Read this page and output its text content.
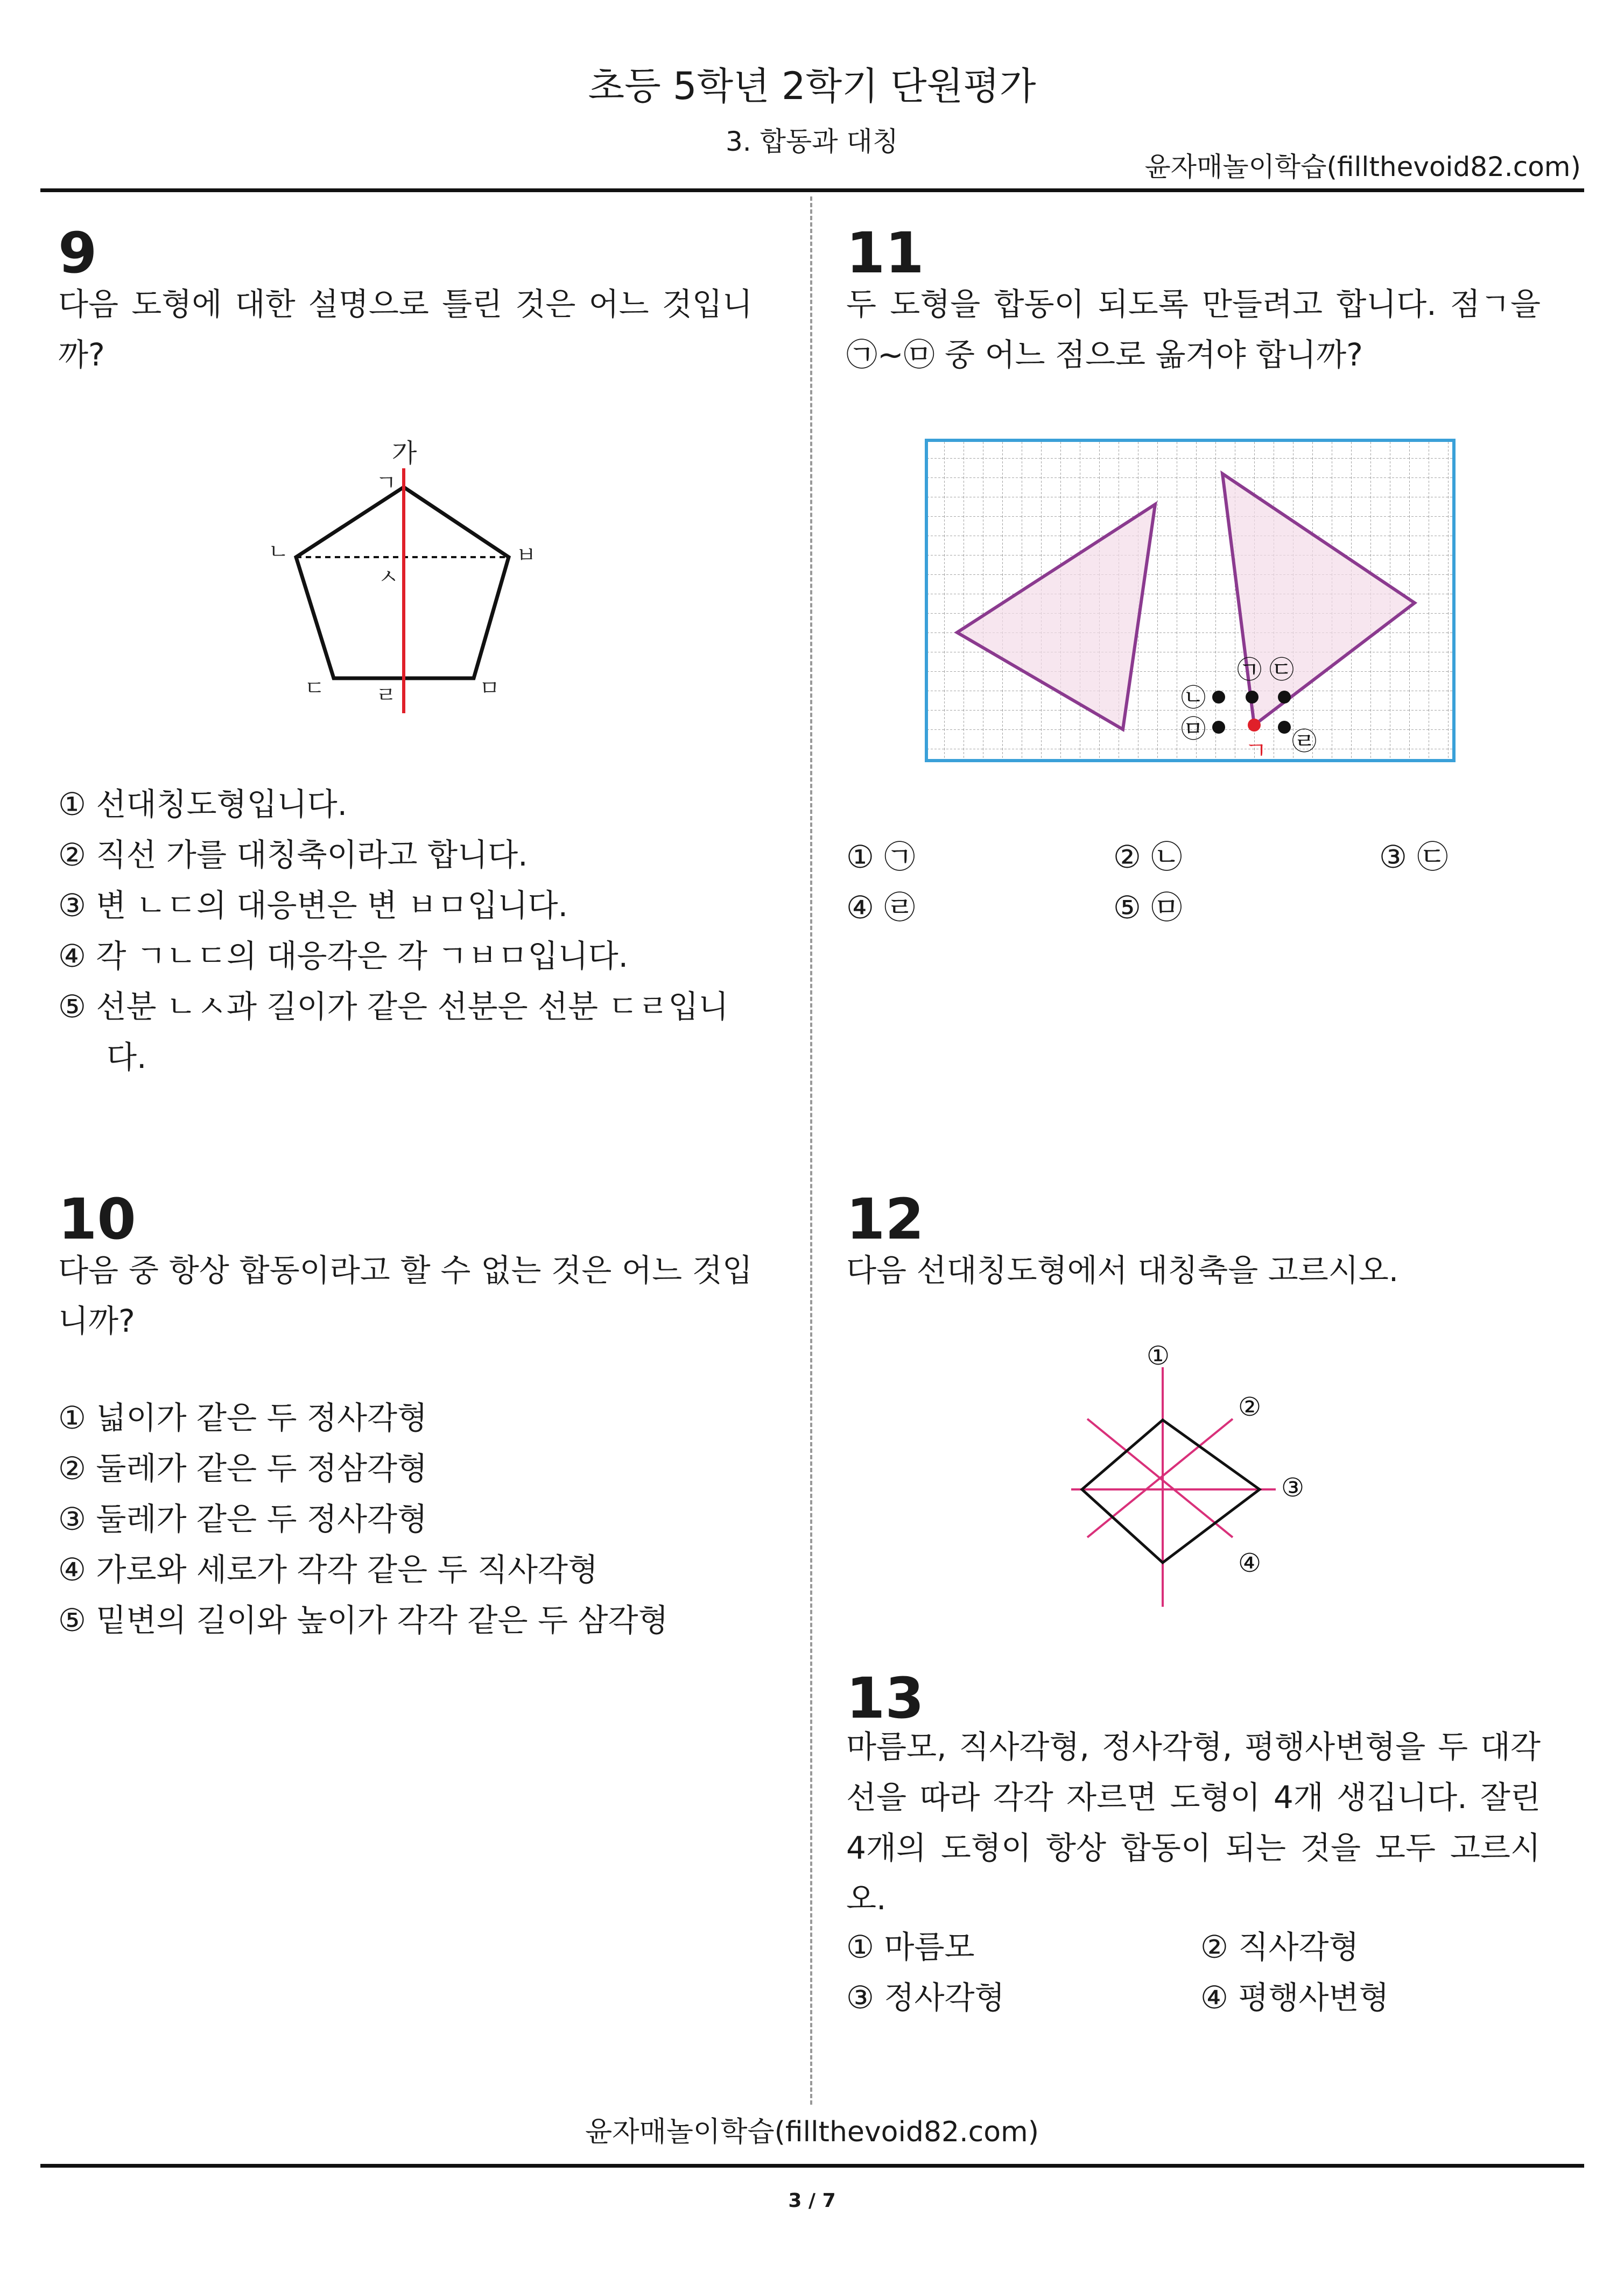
초등 5학년 2학기 단원평가
3. 합동과 대칭
윤자매놀이학습(fillthevoid82.com)
9
다음 도형에 대한 설명으로 틀린 것은 어느 것입니까?
가
ㄱ
ㄴ	ㅂ
ㅅ
ㄷ ㄹ	ㅁ
① 선대칭도형입니다.
② 직선 가를 대칭축이라고 합니다.
③ 변 ㄴㄷ의 대응변은 변 ㅂㅁ입니다.
④ 각 ㄱㄴㄷ의 대응각은 각 ㄱㅂㅁ입니다.
⑤ 선분 ㄴㅅ과 길이가 같은 선분은 선분 ㄷㄹ입니다.
10
다음 중 항상 합동이라고 할 수 없는 것은 어느 것입니까?
① 넓이가 같은 두 정사각형
② 둘레가 같은 두 정삼각형
③ 둘레가 같은 두 정사각형
④ 가로와 세로가 각각 같은 두 직사각형
⑤ 밑변의 길이와 높이가 각각 같은 두 삼각형
11
두 도형을 합동이 되도록 만들려고 합니다. 점ㄱ을 ㉠~㉤ 중 어느 점으로 옮겨야 합니까?
㉡
㉠ ㉢
㉤	㉣
ㄱ
① ㉠	② ㉡	③ ㉢
④ ㉣	⑤ ㉤
12
다음 선대칭도형에서 대칭축을 고르시오.
①
②
③
④
13
마름모, 직사각형, 정사각형, 평행사변형을 두 대각선을 따라 각각 자르면 도형이 4개 생깁니다. 잘린 4개의 도형이 항상 합동이 되는 것을 모두 고르시오.
① 마름모	② 직사각형
③ 정사각형	④ 평행사변형
윤자매놀이학습(fillthevoid82.com)
3 / 7
